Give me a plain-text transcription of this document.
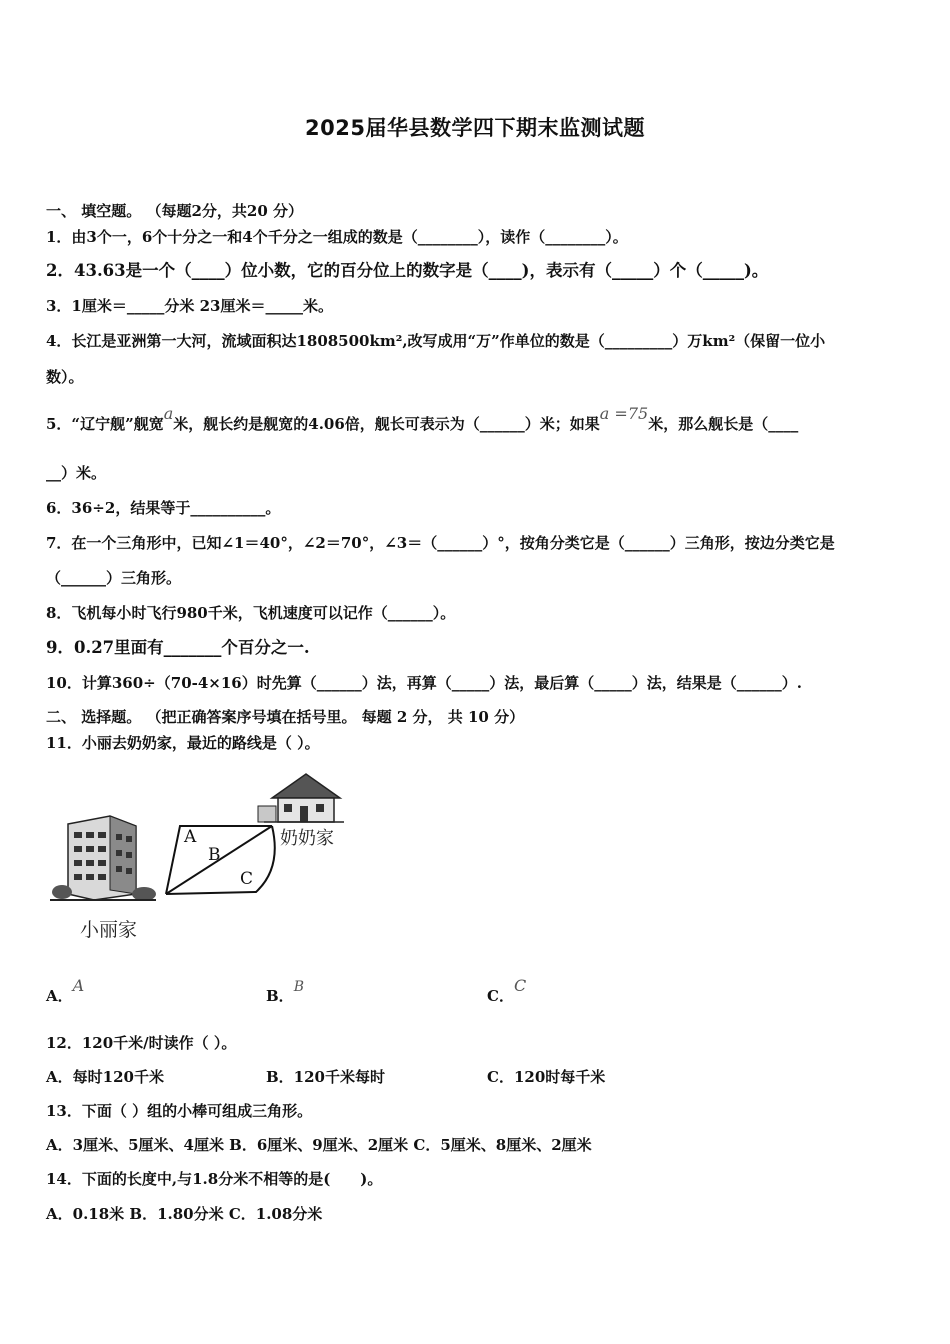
2025届华县数学四下期末监测试题
一、 填空题。 （每题2分，共20 分）
1．由3个一，6个十分之一和4个千分之一组成的数是（________），读作（________）。
2．43.63是一个（____）位小数，它的百分位上的数字是（____)，表示有（_____）个（_____)。
3．1厘米＝_____分米 23厘米＝_____米。
4．长江是亚洲第一大河，流域面积达1808500km²,改写成用“万”作单位的数是（_________）万km²（保留一位小
数）。
5．“辽宁舰”舰宽a米，舰长约是舰宽的4.06倍，舰长可表示为（______）米；如果a =75米，那么舰长是（____
__）米。
6．36÷2，结果等于__________。
7．在一个三角形中，已知∠1＝40°，∠2＝70°，∠3＝（______）°，按角分类它是（______）三角形，按边分类它是
（______）三角形。
8．飞机每小时飞行980千米，飞机速度可以记作（______）。
9．0.27里面有_______个百分之一.
10．计算360÷（70-4×16）时先算（______）法，再算（_____）法，最后算（_____）法，结果是（______）.
二、 选择题。 （把正确答案序号填在括号里。 每题 2 分， 共 10 分）
11．小丽去奶奶家，最近的路线是（ ）。
小丽家
奶奶家
A
B
C
A．A
B．B	C．C
12．120千米/时读作（ ）。
A．每时120千米	B．120千米每时	C．120时每千米
13．下面（ ）组的小棒可组成三角形。
A．3厘米、5厘米、4厘米 B．6厘米、9厘米、2厘米 C．5厘米、8厘米、2厘米
14．下面的长度中,与1.8分米不相等的是(　　)。
A．0.18米 B．1.80分米 C．1.08分米
